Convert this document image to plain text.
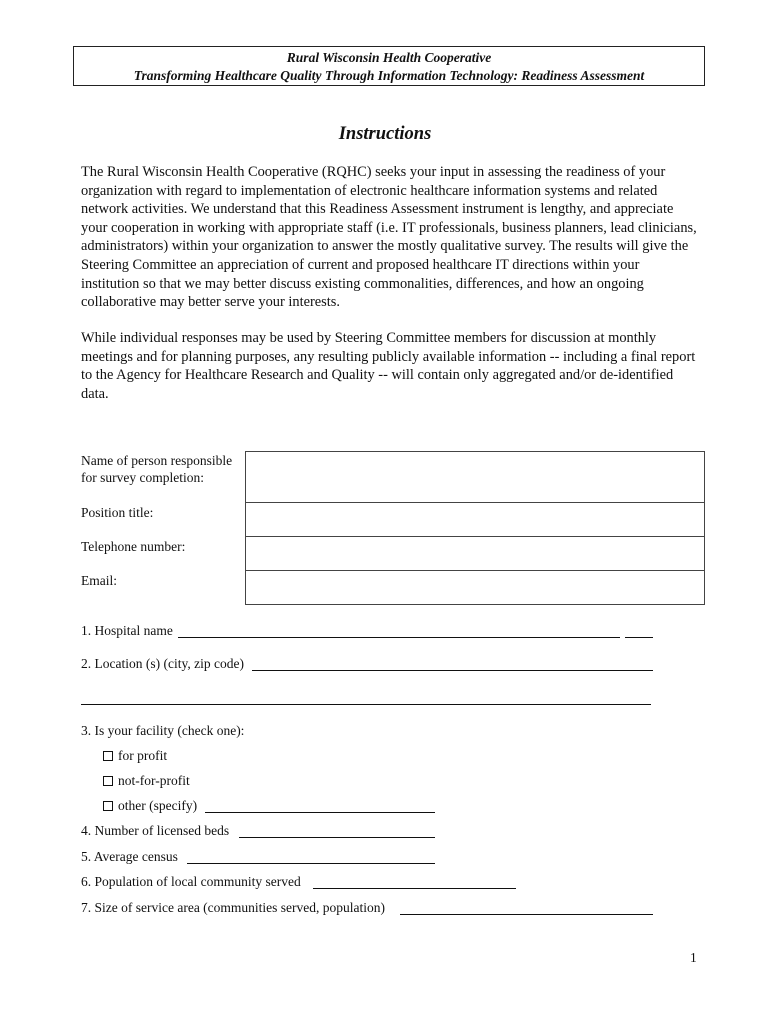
Rural Wisconsin Health Cooperative
Transforming Healthcare Quality Through Information Technology: Readiness Assessment
Instructions

The Rural Wisconsin Health Cooperative (RQHC) seeks your input in assessing the readiness of your organization with regard to implementation of electronic healthcare information systems and related network activities. We understand that this Readiness Assessment instrument is lengthy, and appreciate your cooperation in working with appropriate staff (i.e. IT professionals, business planners, lead clinicians, administrators) within your organization to answer the mostly qualitative survey. The results will give the Steering Committee an appreciation of current and proposed healthcare IT directions within your institution so that we may better discuss existing commonalities, differences, and how an ongoing collaborative may better serve your interests.

While individual responses may be used by Steering Committee members for discussion at monthly meetings and for planning purposes, any resulting publicly available information -- including a final report to the Agency for Healthcare Research and Quality -- will contain only aggregated and/or de-identified data.

Name of person responsible
for survey completion:
Position title:
Telephone number:
Email:
1. Hospital name
2. Location (s) (city, zip code)
3. Is your facility (check one):
for profit
not-for-profit
other (specify)
4. Number of licensed beds
5. Average census
6. Population of local community served
7. Size of service area (communities served, population)
1
